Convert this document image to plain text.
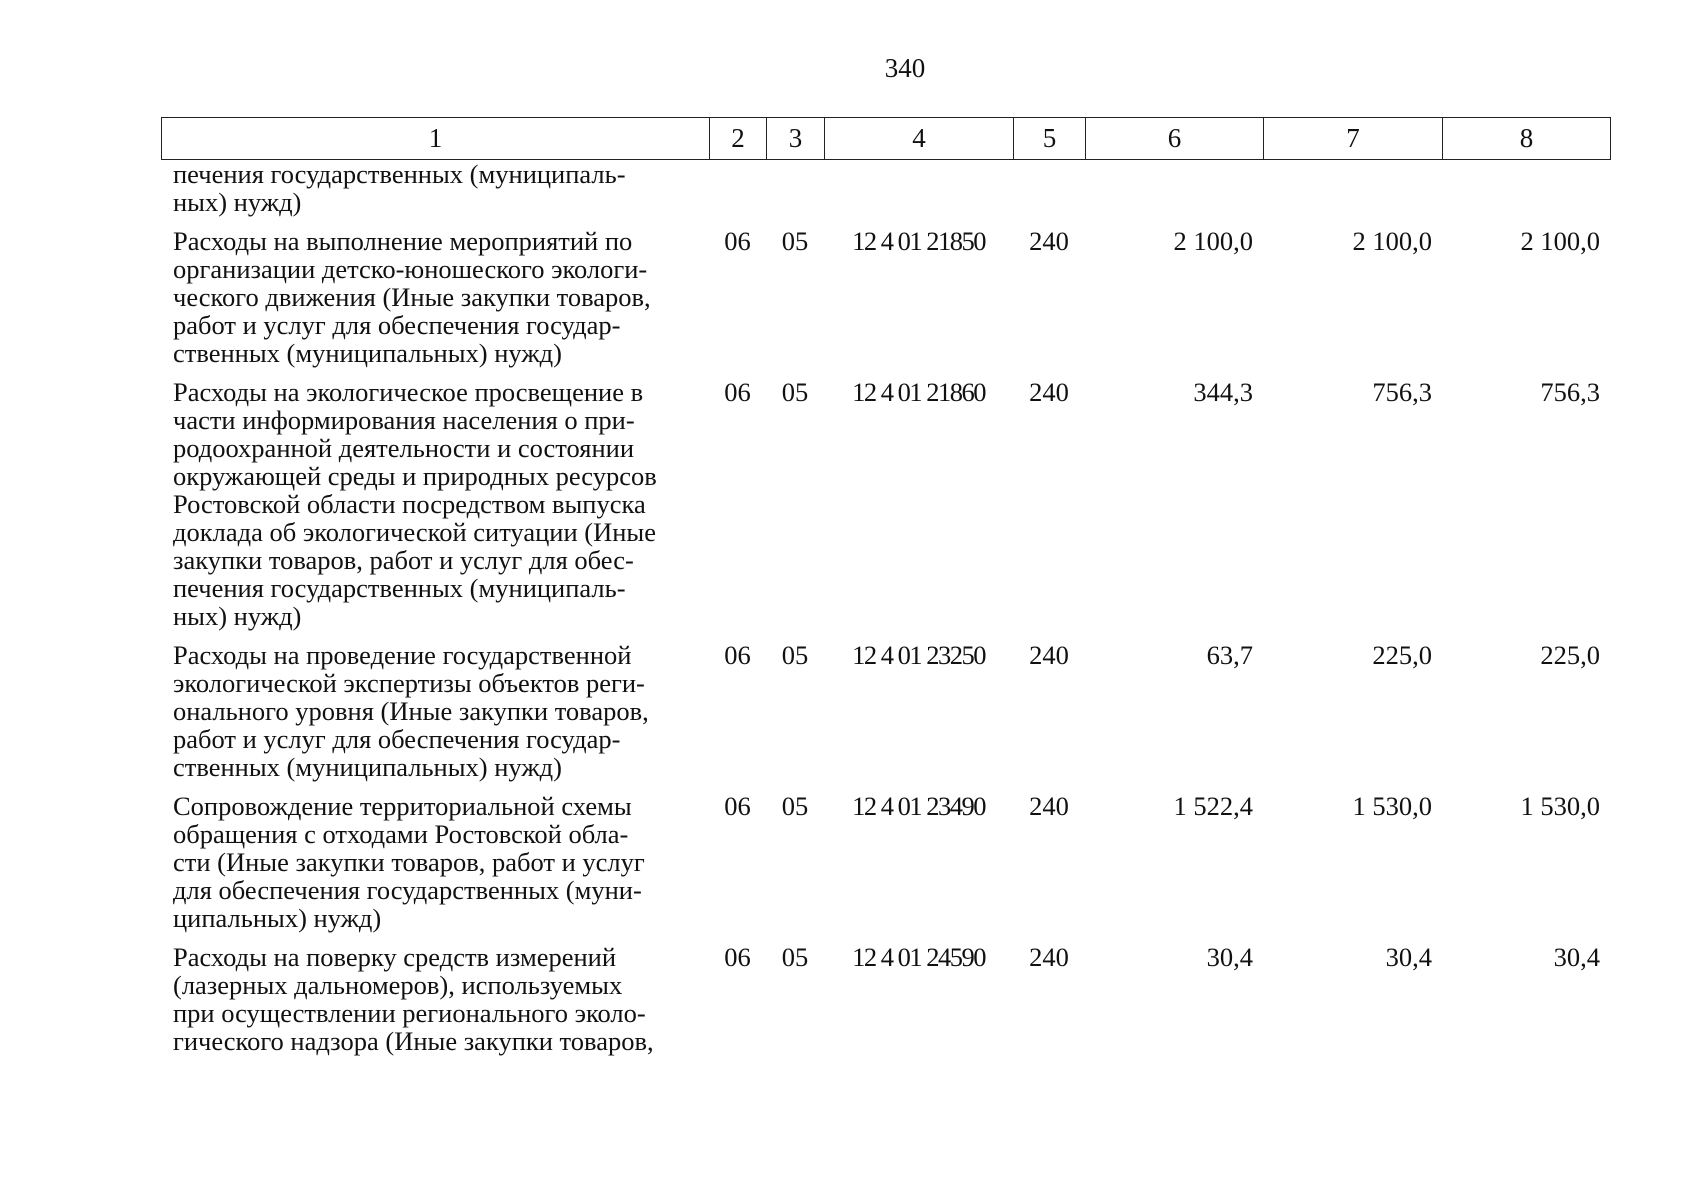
340
1	2	3	4	5	6	7	8
печения государственных (муниципаль-
ных) нужд)
Расходы на выполнение мероприятий по
организации детско-юношеского экологи-
ческого движения (Иные закупки товаров,
работ и услуг для обеспечения государ-
ственных (муниципальных) нужд)
06	05	12 4 01 21850	240	2 100,0	2 100,0	2 100,0
Расходы на экологическое просвещение в
части информирования населения о при-
родоохранной деятельности и состоянии
окружающей среды и природных ресурсов
Ростовской области посредством выпуска
доклада об экологической ситуации (Иные
закупки товаров, работ и услуг для обес-
печения государственных (муниципаль-
ных) нужд)
06	05	12 4 01 21860	240	344,3	756,3	756,3
Расходы на проведение государственной
экологической экспертизы объектов реги-
онального уровня (Иные закупки товаров,
работ и услуг для обеспечения государ-
ственных (муниципальных) нужд)
06	05	12 4 01 23250	240	63,7	225,0	225,0
Сопровождение территориальной схемы
обращения с отходами Ростовской обла-
сти (Иные закупки товаров, работ и услуг
для обеспечения государственных (муни-
ципальных) нужд)
06	05	12 4 01 23490	240	1 522,4	1 530,0	1 530,0
Расходы на поверку средств измерений
(лазерных дальномеров), используемых
при осуществлении регионального эколо-
гического надзора (Иные закупки товаров,
06	05	12 4 01 24590	240	30,4	30,4	30,4
